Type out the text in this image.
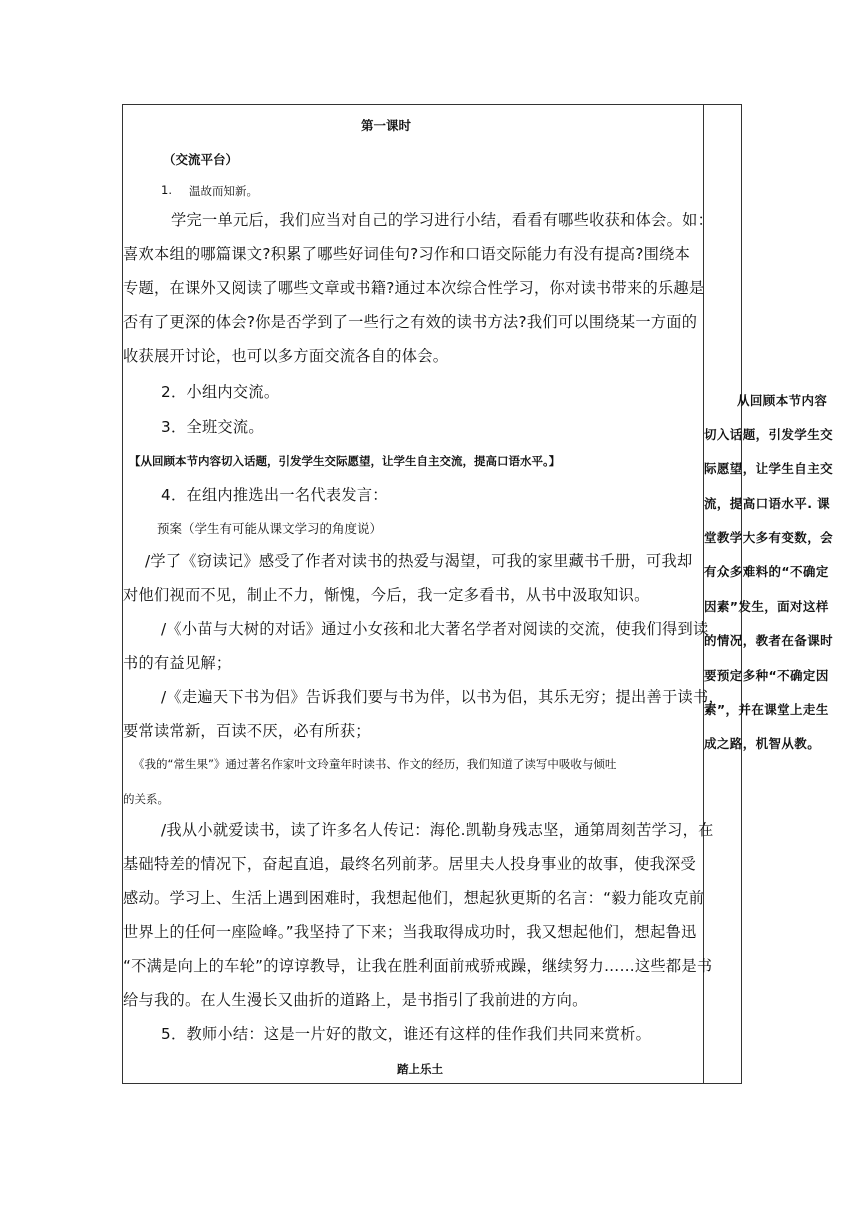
第一课时
（交流平台）
1. 温故而知新。
学完一单元后，我们应当对自己的学习进行小结，看看有哪些收获和体会。如：
喜欢本组的哪篇课文?积累了哪些好词佳句?习作和口语交际能力有没有提高?围绕本
专题，在课外又阅读了哪些文章或书籍?通过本次综合性学习，你对读书带来的乐趣是
否有了更深的体会?你是否学到了一些行之有效的读书方法?我们可以围绕某一方面的
收获展开讨论，也可以多方面交流各自的体会。
2．小组内交流。
3．全班交流。
【从回顾本节内容切入话题，引发学生交际愿望，让学生自主交流，提高口语水平。】
4．在组内推选出一名代表发言：
预案（学生有可能从课文学习的角度说）
/学了《窃读记》感受了作者对读书的热爱与渴望，可我的家里藏书千册，可我却
对他们视而不见，制止不力，惭愧，今后，我一定多看书，从书中汲取知识。
/《小苗与大树的对话》通过小女孩和北大著名学者对阅读的交流，使我们得到读
书的有益见解；
/《走遍天下书为侣》告诉我们要与书为伴，以书为侣，其乐无穷；提出善于读书，
要常读常新，百读不厌，必有所获；
《我的“常生果”》通过著名作家叶文玲童年时读书、作文的经历，我们知道了读写中吸收与倾吐
的关系。
/我从小就爱读书，读了许多名人传记：海伦.凯勒身残志坚，通第周刻苦学习，在
基础特差的情况下，奋起直追，最终名列前茅。居里夫人投身事业的故事，使我深受
感动。学习上、生活上遇到困难时，我想起他们，想起狄更斯的名言：“毅力能攻克前
世界上的任何一座险峰。”我坚持了下来；当我取得成功时，我又想起他们，想起鲁迅
“不满是向上的车轮”的谆谆教导，让我在胜利面前戒骄戒躁，继续努力……这些都是书
给与我的。在人生漫长又曲折的道路上，是书指引了我前进的方向。
5．教师小结：这是一片好的散文，谁还有这样的佳作我们共同来赏析。
踏上乐土
从回顾本节内容
切入话题，引发学生交
际愿望，让学生自主交
流，提高口语水平. 课
堂教学大多有变数，会
有众多难料的“不确定
因素”发生，面对这样
的情况，教者在备课时
要预定多种“不确定因
素”，并在课堂上走生
成之路，机智从教。
